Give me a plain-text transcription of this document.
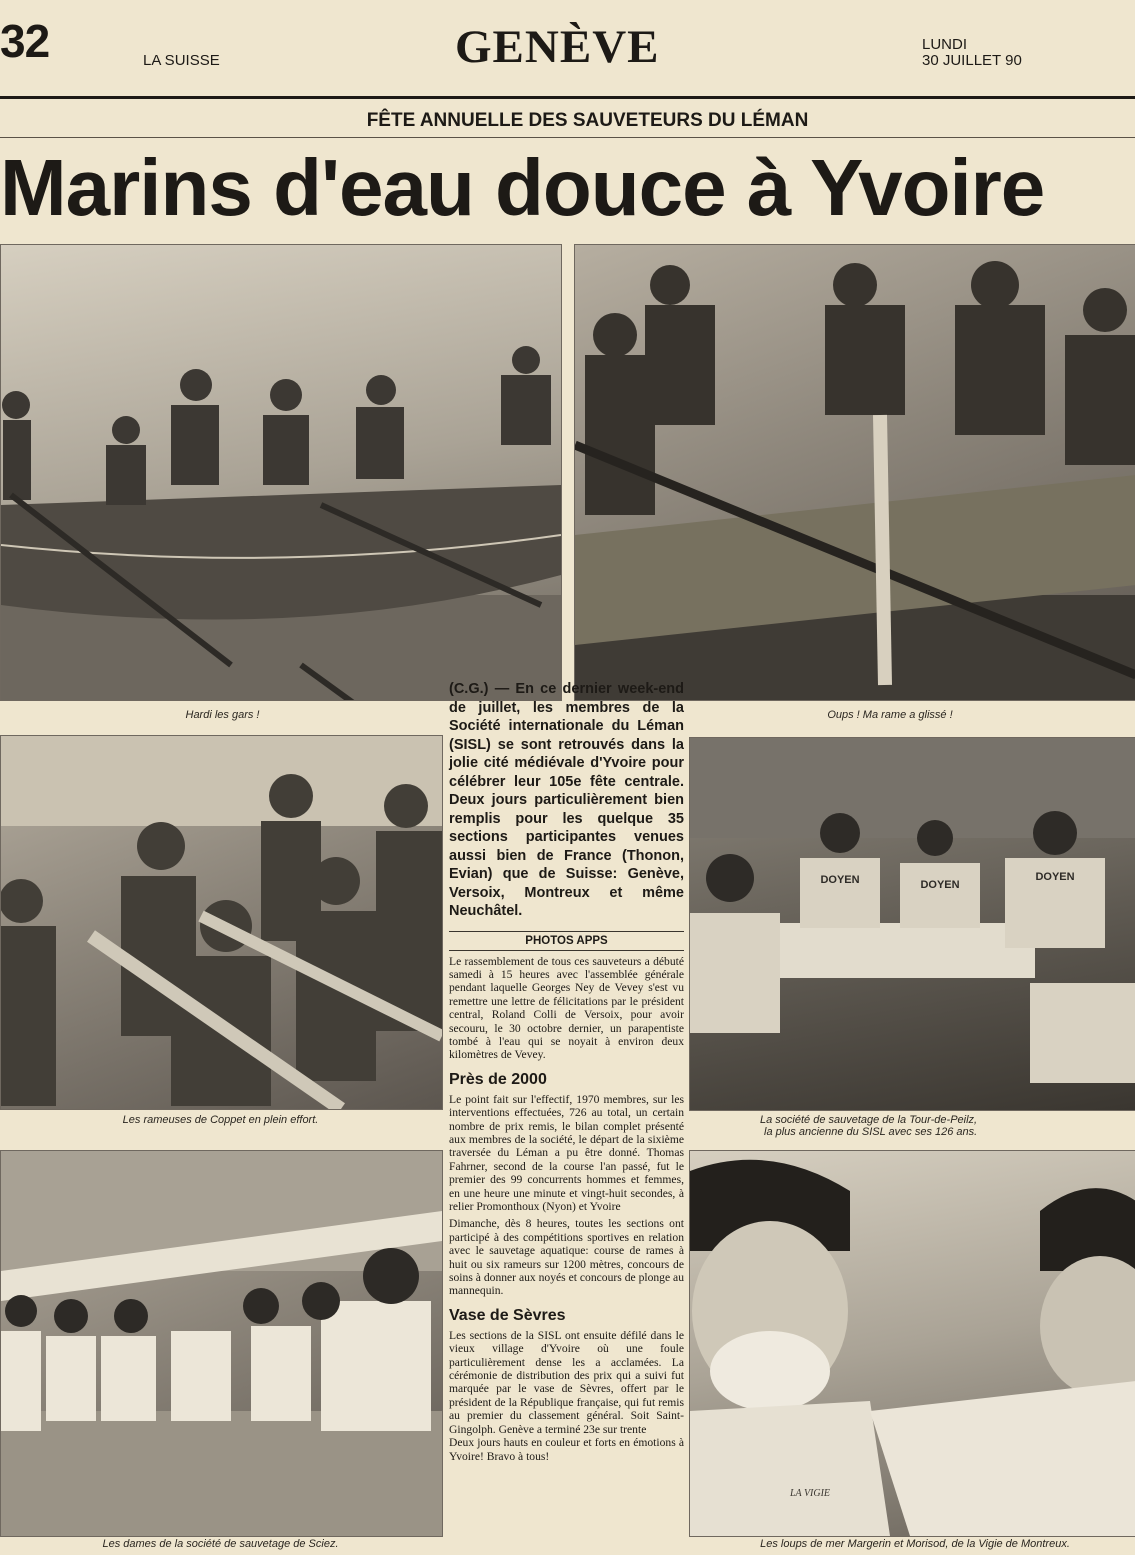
32	LA SUISSE	GENÈVE	LUNDI
30 JUILLET 90
FÊTE ANNUELLE DES SAUVETEURS DU LÉMAN
Marins d'eau douce à Yvoire
Hardi les gars !	Oups ! Ma rame a glissé !
Les rameuses de Coppet en plein effort.
DOYEN	DOYEN
DOYEN
La société de sauvetage de la Tour-de-Peilz,
la plus ancienne du SISL avec ses 126 ans.
Les dames de la société de sauvetage de Sciez.
LA VIGIE
Les loups de mer Margerin et Morisod, de la Vigie de Montreux.

(C.G.) — En ce dernier week-end de juillet, les membres de la Société internationale du Léman (SISL) se sont retrouvés dans la jolie cité médiévale d'Yvoire pour célébrer leur 105e fête centrale. Deux jours particulièrement bien remplis pour les quelque 35 sections participantes venues aussi bien de France (Thonon, Evian) que de Suisse: Genève, Versoix, Montreux et même Neuchâtel.

PHOTOS APPS

Le rassemblement de tous ces sauveteurs a débuté samedi à 15 heures avec l'assemblée générale pendant laquelle Georges Ney de Vevey s'est vu remettre une lettre de félicitations par le président central, Roland Colli de Versoix, pour avoir secouru, le 30 octobre dernier, un parapentiste tombé à l'eau qui se noyait à environ deux kilomètres de Vevey.

Près de 2000

Le point fait sur l'effectif, 1970 membres, sur les interventions effectuées, 726 au total, un certain nombre de prix remis, le bilan complet présenté aux membres de la société, le départ de la sixième traversée du Léman a pu être donné. Thomas Fahrner, second de la course l'an passé, fut le premier des 99 concurrents hommes et femmes, en une heure une minute et vingt-huit secondes, à relier Promonthoux (Nyon) et Yvoire

Dimanche, dès 8 heures, toutes les sections ont participé à des compétitions sportives en relation avec le sauvetage aquatique: course de rames à huit ou six rameurs sur 1200 mètres, concours de soins à donner aux noyés et concours de plonge au mannequin.

Vase de Sèvres

Les sections de la SISL ont ensuite défilé dans le vieux village d'Yvoire où une foule particulièrement dense les a acclamées. La cérémonie de distribution des prix qui a suivi fut marquée par le vase de Sèvres, offert par le président de la République française, qui fut remis au premier du classement général. Soit Saint-Gingolph. Genève a terminé 23e sur trente

Deux jours hauts en couleur et forts en émotions à Yvoire! Bravo à tous!
